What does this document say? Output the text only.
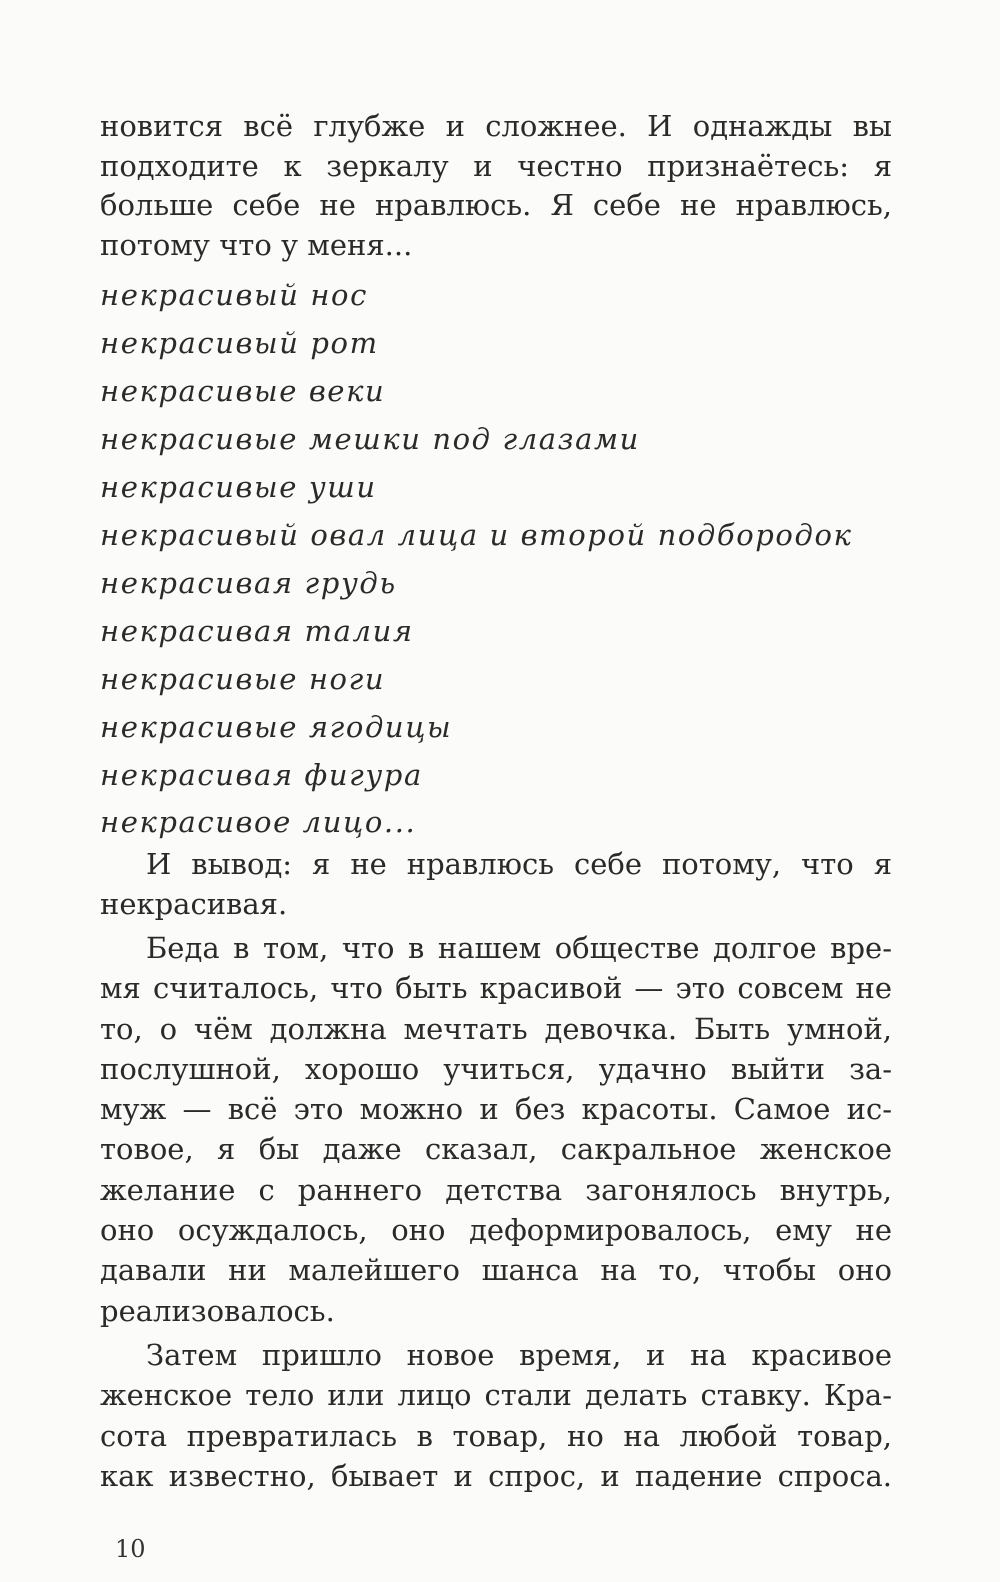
новится всё глубже и сложнее. И однажды вы
подходите к зеркалу и честно признаётесь: я
больше себе не нравлюсь. Я себе не нравлюсь,
потому что у меня...
некрасивый нос
некрасивый рот
некрасивые веки
некрасивые мешки под глазами
некрасивые уши
некрасивый овал лица и второй подбородок
некрасивая грудь
некрасивая талия
некрасивые ноги
некрасивые ягодицы
некрасивая фигура
некрасивое лицо...
И вывод: я не нравлюсь себе потому, что я
некрасивая.
Беда в том, что в нашем обществе долгое вре-
мя считалось, что быть красивой — это совсем не
то, о чём должна мечтать девочка. Быть умной,
послушной, хорошо учиться, удачно выйти за-
муж — всё это можно и без красоты. Самое ис-
товое, я бы даже сказал, сакральное женское
желание с раннего детства загонялось внутрь,
оно осуждалось, оно деформировалось, ему не
давали ни малейшего шанса на то, чтобы оно
реализовалось.
Затем пришло новое время, и на красивое
женское тело или лицо стали делать ставку. Кра-
сота превратилась в товар, но на любой товар,
как известно, бывает и спрос, и падение спроса.
10
